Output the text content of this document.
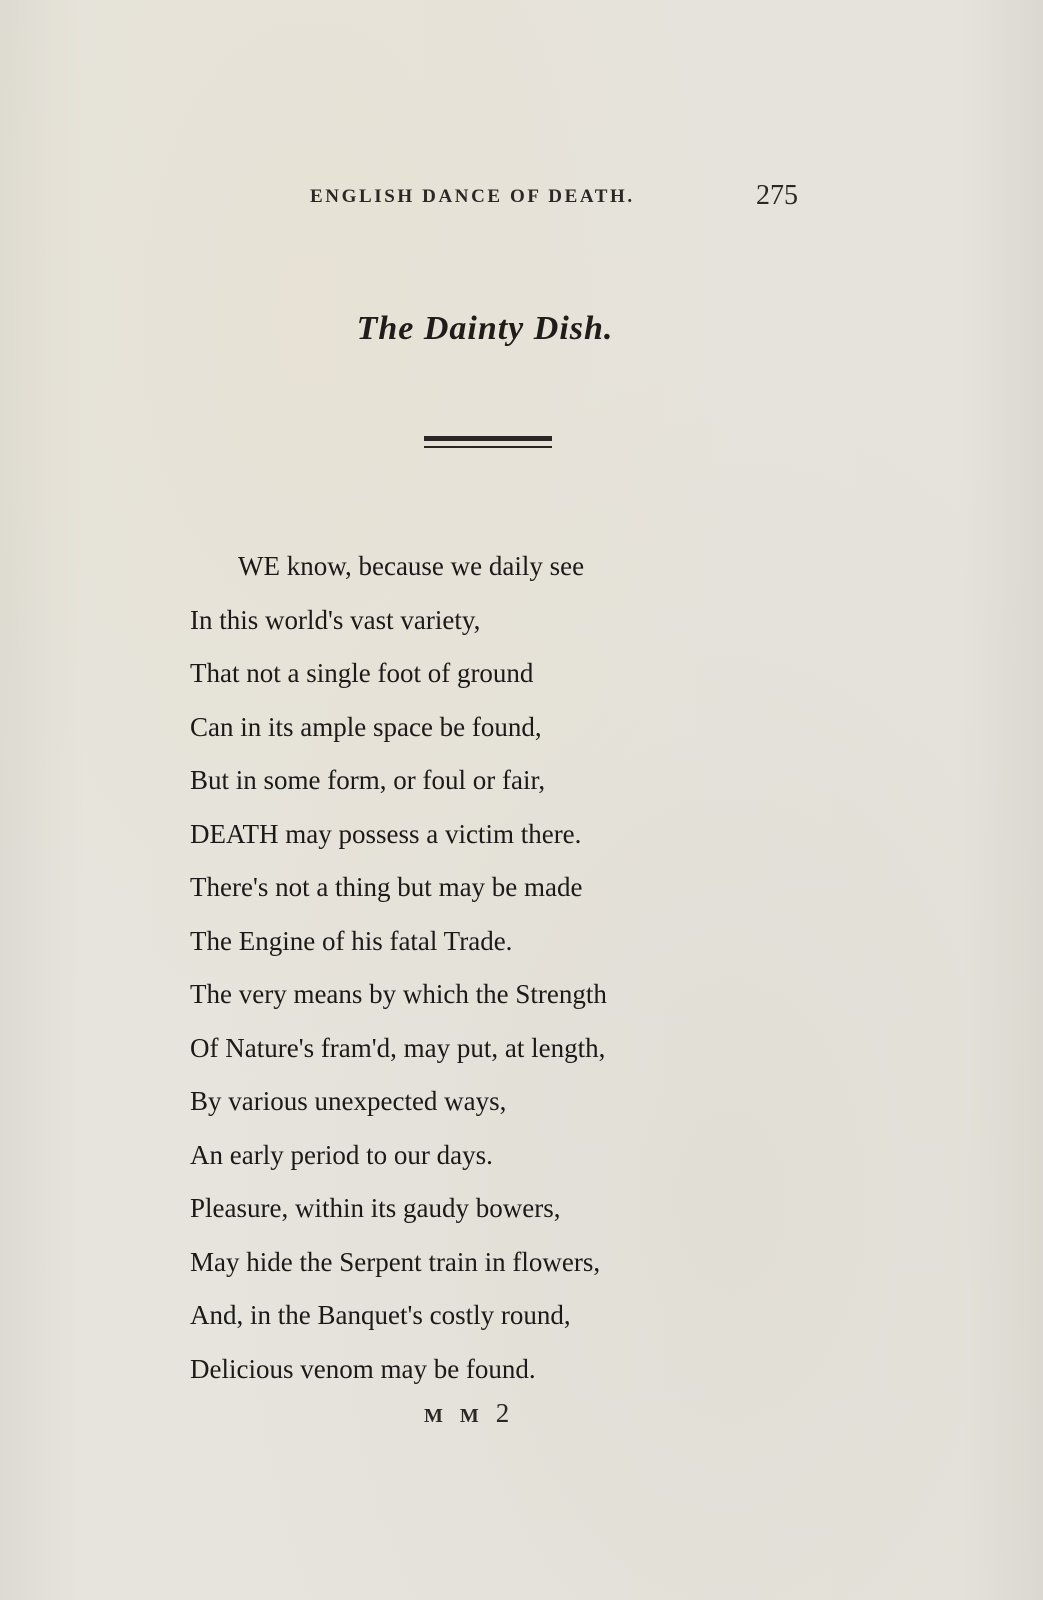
ENGLISH DANCE OF DEATH.	275
The Dainty Dish.
WE know, because we daily see
In this world's vast variety,
That not a single foot of ground
Can in its ample space be found,
But in some form, or foul or fair,
DEATH may possess a victim there.
There's not a thing but may be made
The Engine of his fatal Trade.
The very means by which the Strength
Of Nature's fram'd, may put, at length,
By various unexpected ways,
An early period to our days.
Pleasure, within its gaudy bowers,
May hide the Serpent train in flowers,
And, in the Banquet's costly round,
Delicious venom may be found.
M M 2
